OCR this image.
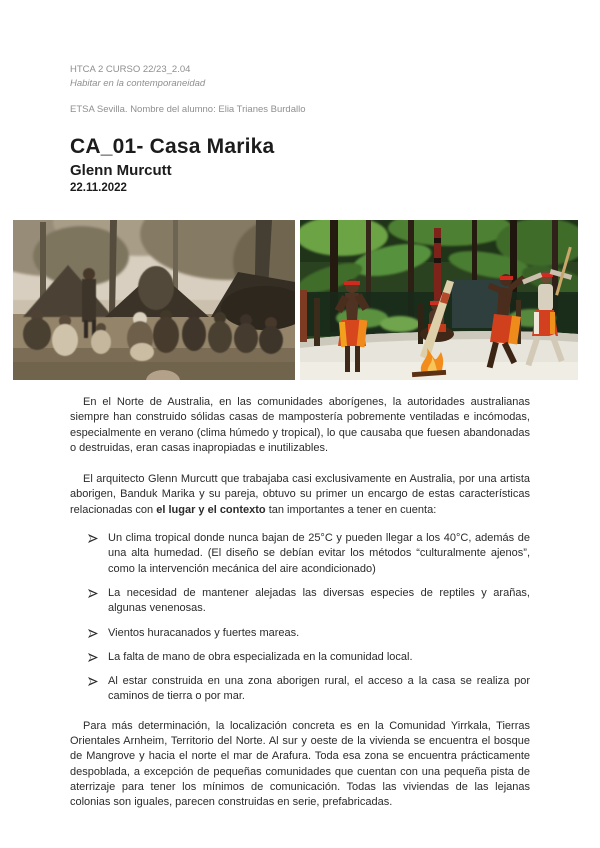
HTCA 2 CURSO 22/23_2.04
Habitar en la contemporaneidad
ETSA Sevilla. Nombre del alumno: Elia Trianes Burdallo
CA_01- Casa Marika
Glenn Murcutt
22.11.2022

En el Norte de Australia, en las comunidades aborígenes, la autoridades australianas siempre han construido sólidas casas de mampostería pobremente ventiladas e incómodas, especialmente en verano (clima húmedo y tropical), lo que causaba que fuesen abandonadas o destruidas, eran casas inapropiadas e inutilizables.

El arquitecto Glenn Murcutt que trabajaba casi exclusivamente en Australia, por una artista aborigen, Banduk Marika y su pareja, obtuvo su primer un encargo de estas características relacionadas con el lugar y el contexto tan importantes a tener en cuenta:

Un clima tropical donde nunca bajan de 25°C y pueden llegar a los 40°C, además de una alta humedad. (El diseño se debían evitar los métodos “culturalmente ajenos”, como la intervención mecánica del aire acondicionado)
La necesidad de mantener alejadas las diversas especies de reptiles y arañas, algunas venenosas.
Vientos huracanados y fuertes mareas.
La falta de mano de obra especializada en la comunidad local.
Al estar construida en una zona aborigen rural, el acceso a la casa se realiza por caminos de tierra o por mar.

Para más determinación, la localización concreta es en la Comunidad Yirrkala, Tierras Orientales Arnheim, Territorio del Norte. Al sur y oeste de la vivienda se encuentra el bosque de Mangrove y hacia el norte el mar de Arafura. Toda esa zona se encuentra prácticamente despoblada, a excepción de pequeñas comunidades que cuentan con una pequeña pista de aterrizaje para tener los mínimos de comunicación. Todas las viviendas de las lejanas colonias son iguales, parecen construidas en serie, prefabricadas.
